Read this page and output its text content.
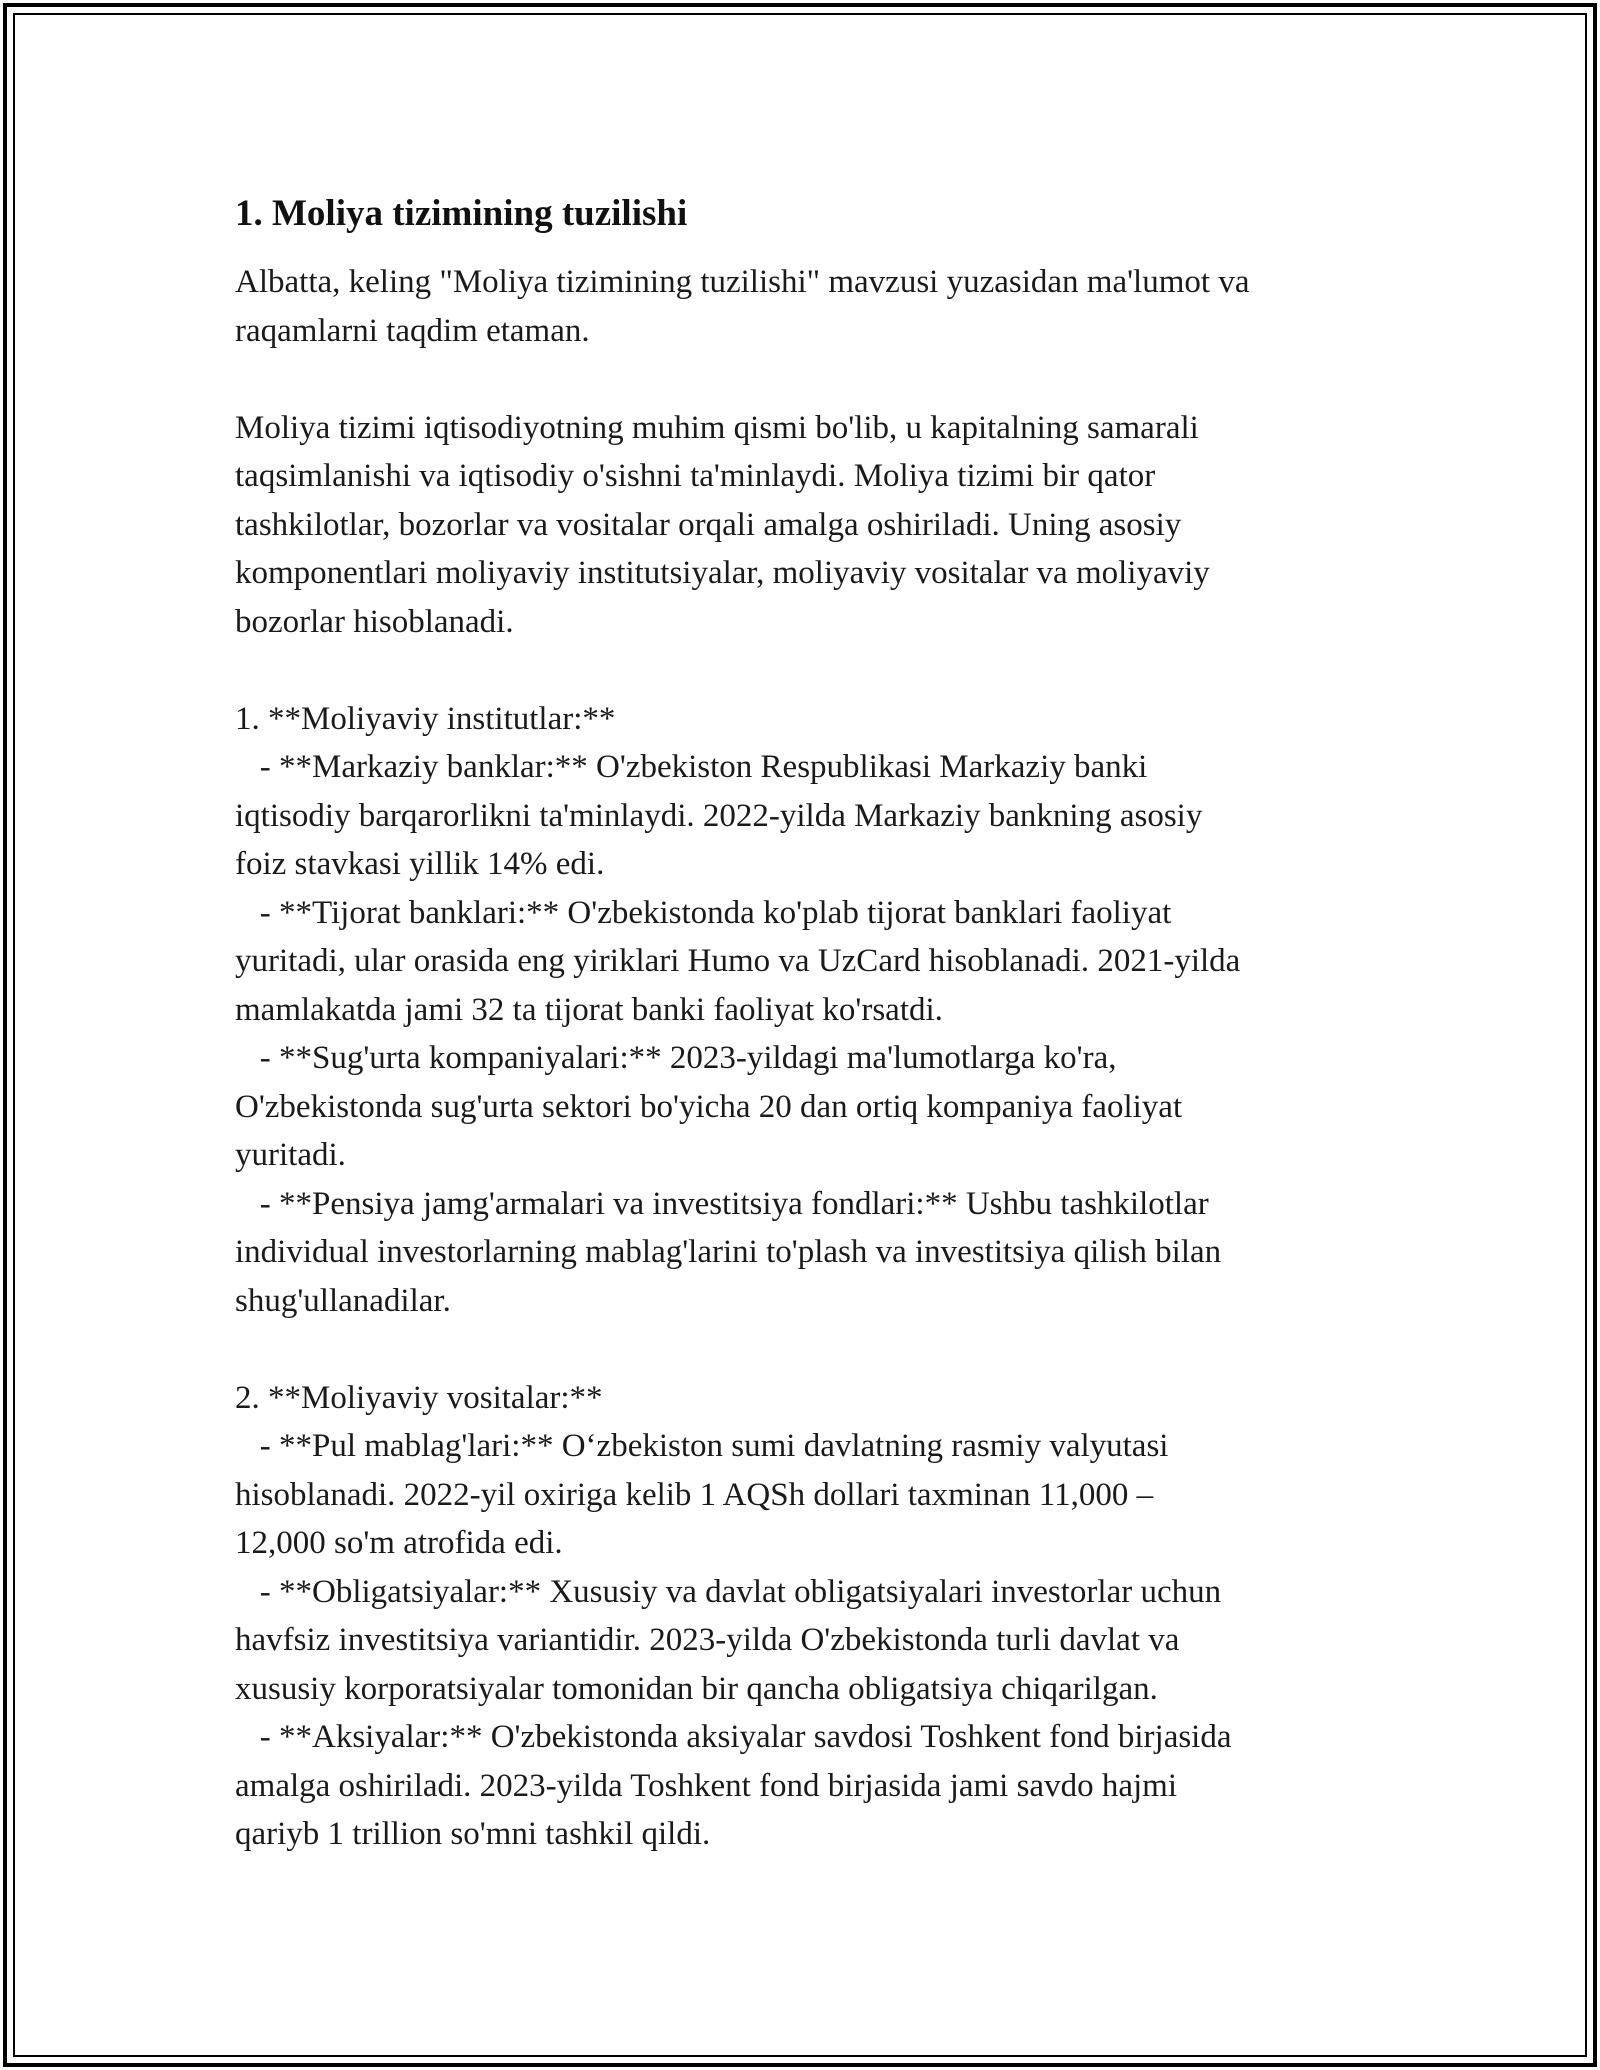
1. Moliya tizimining tuzilishi

Albatta, keling "Moliya tizimining tuzilishi" mavzusi yuzasidan ma'lumot va

raqamlarni taqdim etaman.

Moliya tizimi iqtisodiyotning muhim qismi bo'lib, u kapitalning samarali

taqsimlanishi va iqtisodiy o'sishni ta'minlaydi. Moliya tizimi bir qator

tashkilotlar, bozorlar va vositalar orqali amalga oshiriladi. Uning asosiy

komponentlari moliyaviy institutsiyalar, moliyaviy vositalar va moliyaviy

bozorlar hisoblanadi.

1. **Moliyaviy institutlar:**

- **Markaziy banklar:** O'zbekiston Respublikasi Markaziy banki

iqtisodiy barqarorlikni ta'minlaydi. 2022-yilda Markaziy bankning asosiy

foiz stavkasi yillik 14% edi.

- **Tijorat banklari:** O'zbekistonda ko'plab tijorat banklari faoliyat

yuritadi, ular orasida eng yiriklari Humo va UzCard hisoblanadi. 2021-yilda

mamlakatda jami 32 ta tijorat banki faoliyat ko'rsatdi.

- **Sug'urta kompaniyalari:** 2023-yildagi ma'lumotlarga ko'ra,

O'zbekistonda sug'urta sektori bo'yicha 20 dan ortiq kompaniya faoliyat

yuritadi.

- **Pensiya jamg'armalari va investitsiya fondlari:** Ushbu tashkilotlar

individual investorlarning mablag'larini to'plash va investitsiya qilish bilan

shug'ullanadilar.

2. **Moliyaviy vositalar:**

- **Pul mablag'lari:** O‘zbekiston sumi davlatning rasmiy valyutasi

hisoblanadi. 2022-yil oxiriga kelib 1 AQSh dollari taxminan 11,000 –

12,000 so'm atrofida edi.

- **Obligatsiyalar:** Xususiy va davlat obligatsiyalari investorlar uchun

havfsiz investitsiya variantidir. 2023-yilda O'zbekistonda turli davlat va

xususiy korporatsiyalar tomonidan bir qancha obligatsiya chiqarilgan.

- **Aksiyalar:** O'zbekistonda aksiyalar savdosi Toshkent fond birjasida

amalga oshiriladi. 2023-yilda Toshkent fond birjasida jami savdo hajmi

qariyb 1 trillion so'mni tashkil qildi.
